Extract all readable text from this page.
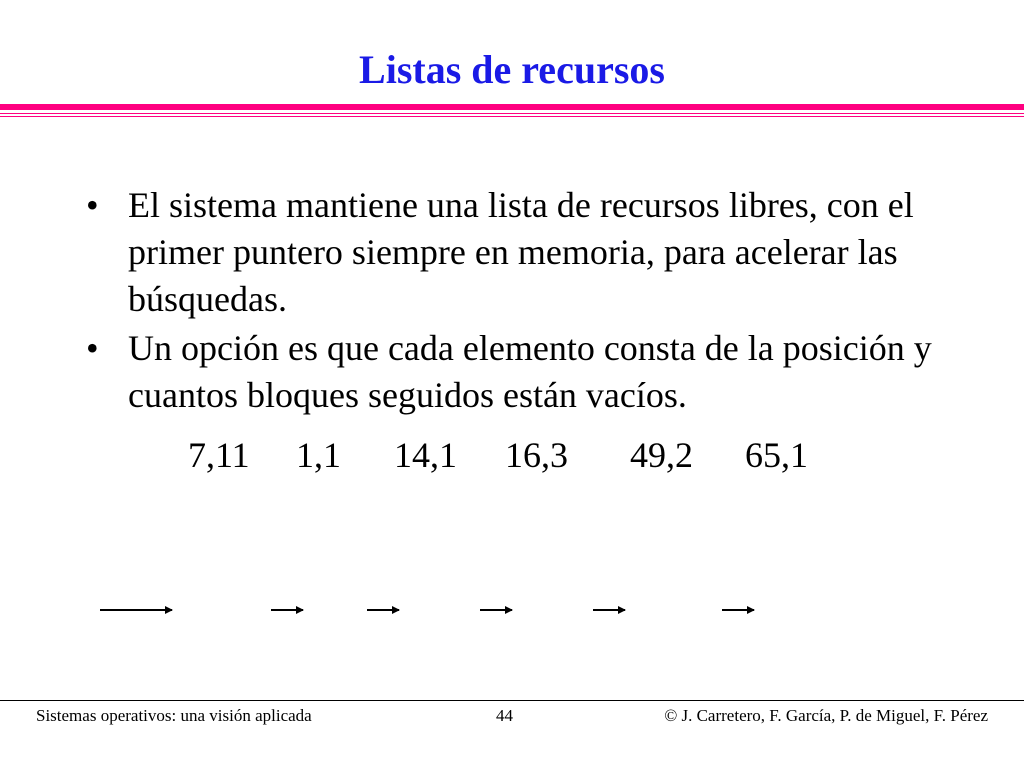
Listas de recursos
• El sistema mantiene una lista de recursos libres, con el primer puntero siempre en memoria, para acelerar las búsquedas.
• Un opción es que cada elemento consta de la posición y cuantos bloques seguidos están vacíos.
7,11 1,1 14,1 16,3 49,2 65,1
Sistemas operativos: una visión aplicada	44	© J. Carretero, F. García, P. de Miguel, F. Pérez
